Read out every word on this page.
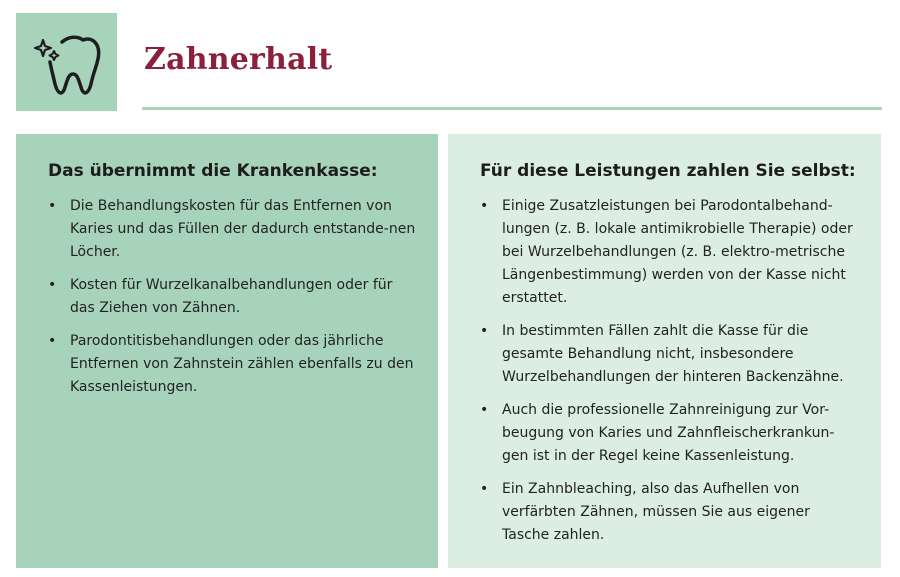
Zahnerhalt
Das übernimmt die Krankenkasse:
• Die Behandlungskosten für das Entfernen von Karies und das Füllen der dadurch entstande-nen Löcher.
• Kosten für Wurzelkanalbehandlungen oder für das Ziehen von Zähnen.
• Parodontitisbehandlungen oder das jährliche Entfernen von Zahnstein zählen ebenfalls zu den Kassenleistungen.
Für diese Leistungen zahlen Sie selbst:
• Einige Zusatzleistungen bei Parodontalbehand-lungen (z. B. lokale antimikrobielle Therapie) oder bei Wurzelbehandlungen (z. B. elektro-metrische Längenbestimmung) werden von der Kasse nicht erstattet.
• In bestimmten Fällen zahlt die Kasse für die gesamte Behandlung nicht, insbesondere Wurzelbehandlungen der hinteren Backenzähne.
• Auch die professionelle Zahnreinigung zur Vor-beugung von Karies und Zahnfleischerkrankun-gen ist in der Regel keine Kassenleistung.
• Ein Zahnbleaching, also das Aufhellen von verfärbten Zähnen, müssen Sie aus eigener Tasche zahlen.
